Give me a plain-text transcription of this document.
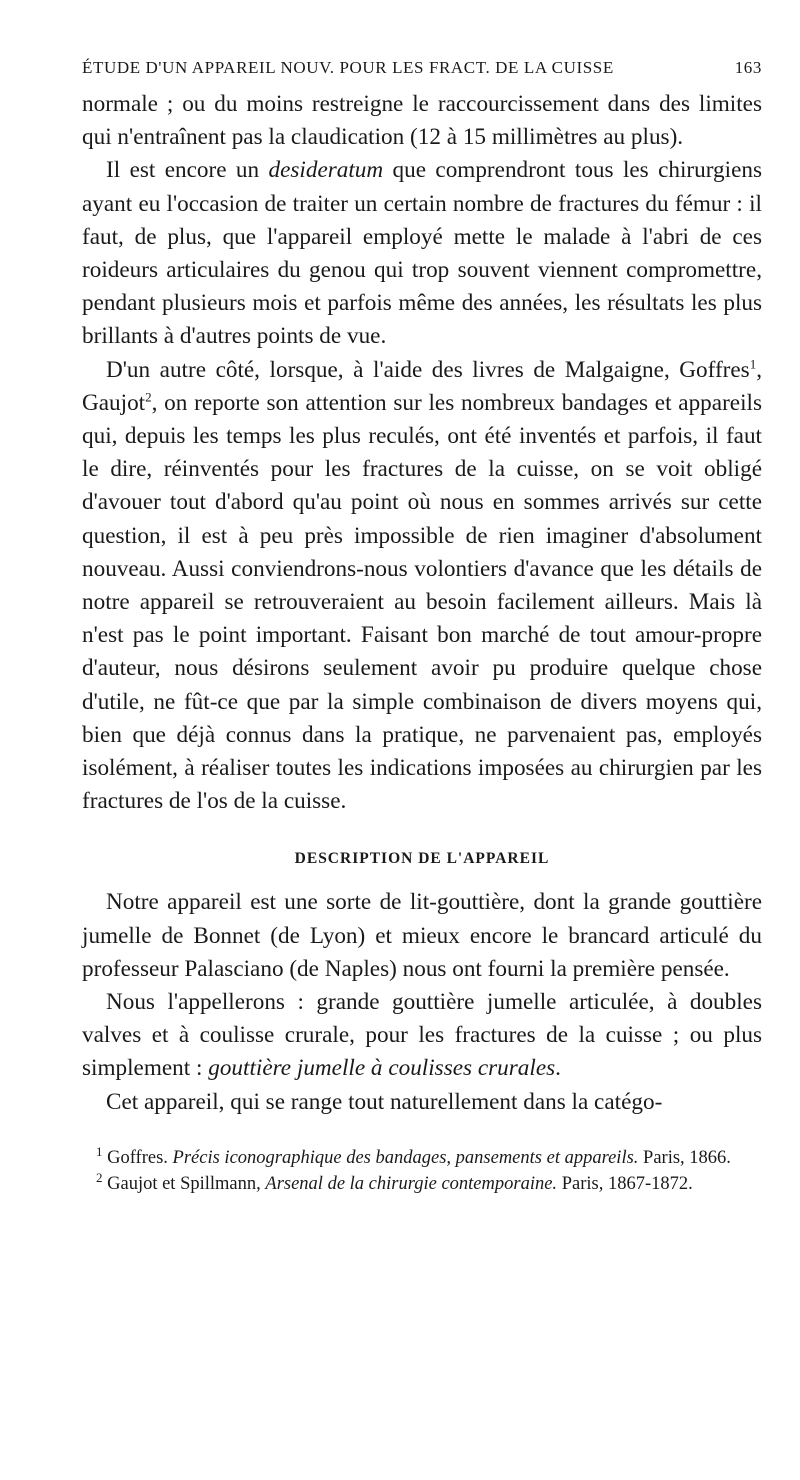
ÉTUDE D'UN APPAREIL NOUV. POUR LES FRACT. DE LA CUISSE	163

normale ; ou du moins restreigne le raccourcissement dans des limites qui n'entraînent pas la claudication (12 à 15 millimètres au plus).

Il est encore un desideratum que comprendront tous les chirurgiens ayant eu l'occasion de traiter un certain nombre de fractures du fémur : il faut, de plus, que l'appareil employé mette le malade à l'abri de ces roideurs articulaires du genou qui trop souvent viennent compromettre, pendant plusieurs mois et parfois même des années, les résultats les plus brillants à d'autres points de vue.

D'un autre côté, lorsque, à l'aide des livres de Malgaigne, Goffres$^1$, Gaujot$^2$, on reporte son attention sur les nombreux bandages et appareils qui, depuis les temps les plus reculés, ont été inventés et parfois, il faut le dire, réinventés pour les fractures de la cuisse, on se voit obligé d'avouer tout d'abord qu'au point où nous en sommes arrivés sur cette question, il est à peu près impossible de rien imaginer d'absolument nouveau. Aussi conviendrons-nous volontiers d'avance que les détails de notre appareil se retrouveraient au besoin facilement ailleurs. Mais là n'est pas le point important. Faisant bon marché de tout amour-propre d'auteur, nous désirons seulement avoir pu produire quelque chose d'utile, ne fût-ce que par la simple combinaison de divers moyens qui, bien que déjà connus dans la pratique, ne parvenaient pas, employés isolément, à réaliser toutes les indications imposées au chirurgien par les fractures de l'os de la cuisse.

DESCRIPTION DE L'APPAREIL

Notre appareil est une sorte de lit-gouttière, dont la grande gouttière jumelle de Bonnet (de Lyon) et mieux encore le brancard articulé du professeur Palasciano (de Naples) nous ont fourni la première pensée.

Nous l'appellerons : grande gouttière jumelle articulée, à doubles valves et à coulisse crurale, pour les fractures de la cuisse ; ou plus simplement : gouttière jumelle à coulisses crurales.

Cet appareil, qui se range tout naturellement dans la catégo-

$^1$ Goffres. Précis iconographique des bandages, pansements et appareils. Paris, 1866.

$^2$ Gaujot et Spillmann, Arsenal de la chirurgie contemporaine. Paris, 1867-1872.
